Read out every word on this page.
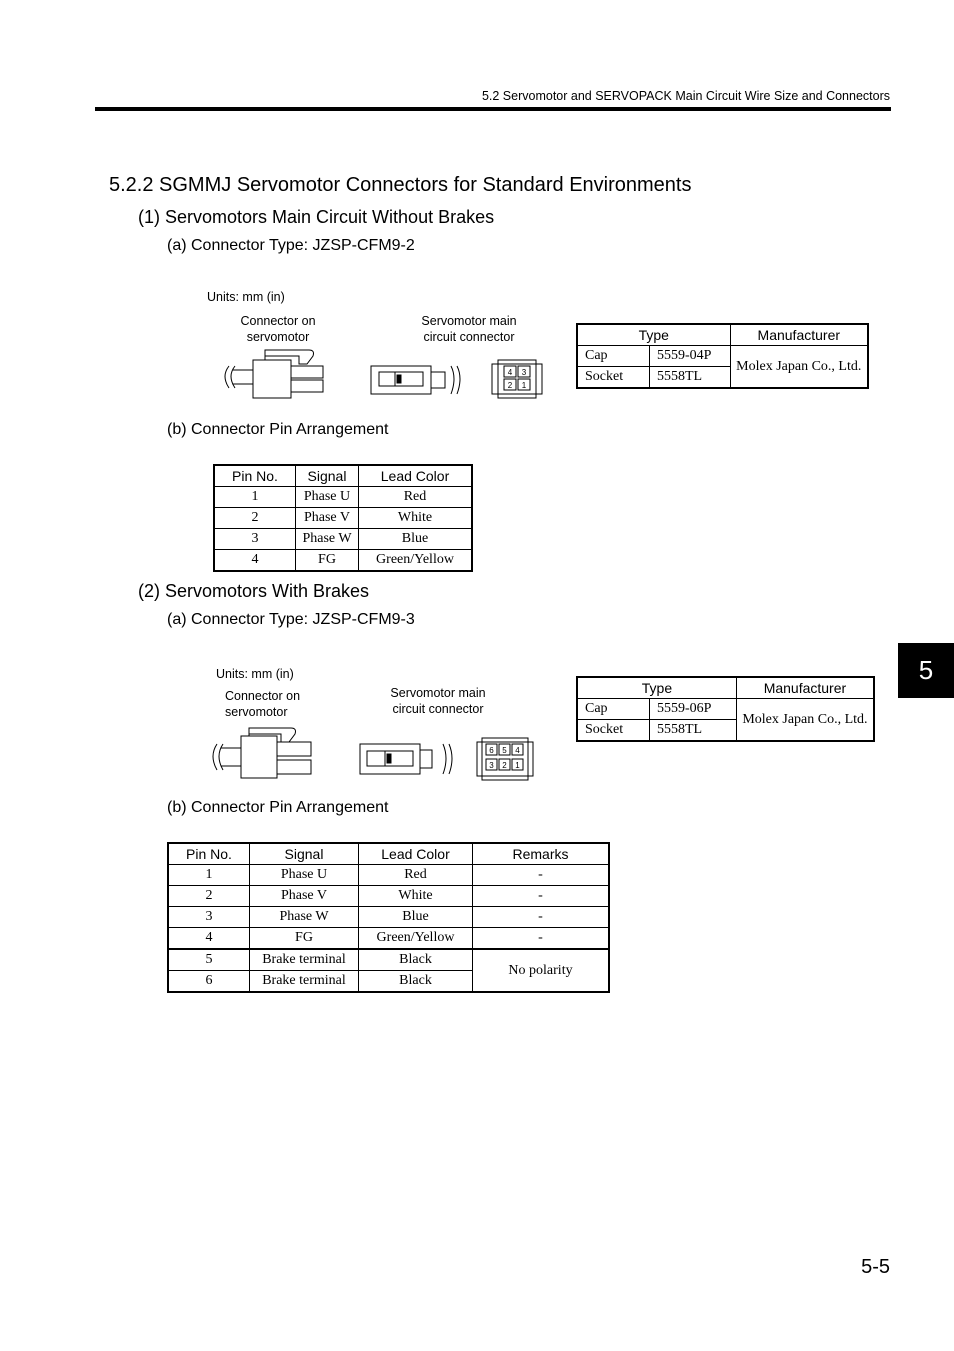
5.2 Servomotor and SERVOPACK Main Circuit Wire Size and Connectors
5.2.2 SGMMJ Servomotor Connectors for Standard Environments
(1) Servomotors Main Circuit Without Brakes
(a) Connector Type: JZSP-CFM9-2
Units: mm (in)
Connector on
servomotor
Servomotor main
circuit connector
4 3
2 1
Type		Manufacturer
Cap	5559-04P	Molex Japan Co., Ltd.
Socket	5558TL	
(b) Connector Pin Arrangement
Pin No.	Signal	Lead Color
1	Phase U	Red
2	Phase V	White
3	Phase W	Blue
4	FG	Green/Yellow
(2) Servomotors With Brakes
(a) Connector Type: JZSP-CFM9-3
Units: mm (in)
Connector on
servomotor
Servomotor main
circuit connector
6 5 4
3 2 1
Type		Manufacturer
Cap	5559-06P	Molex Japan Co., Ltd.
Socket	5558TL	
(b) Connector Pin Arrangement
Pin No.	Signal	Lead Color	Remarks
1	Phase U	Red	-
2	Phase V	White	-
3	Phase W	Blue	-
4	FG	Green/Yellow	-
5	Brake terminal	Black	No polarity
6	Brake terminal	Black	
5
5-5
